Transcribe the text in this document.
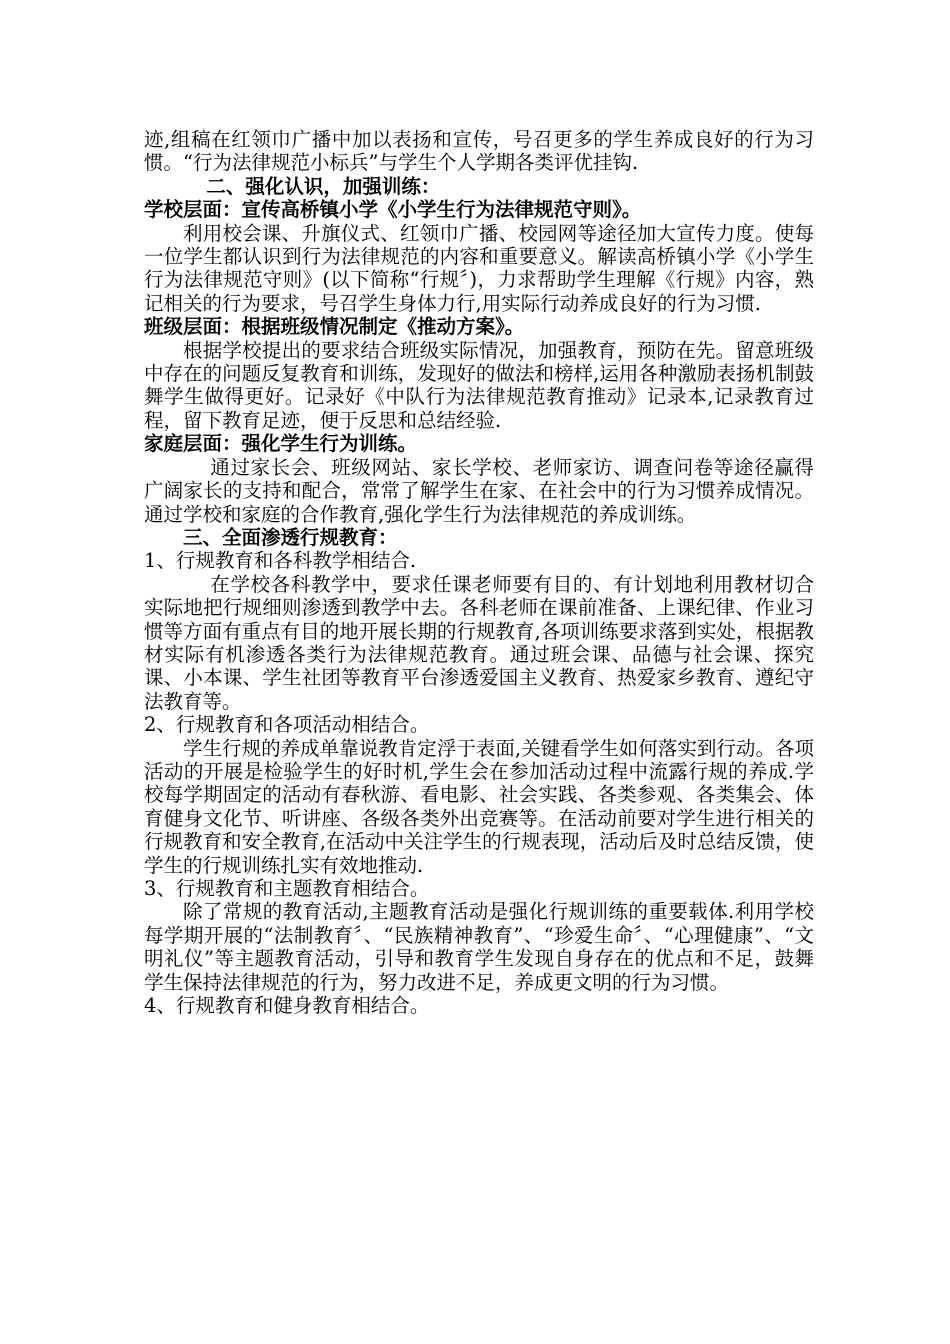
迹,组稿在红领巾广播中加以表扬和宣传，号召更多的学生养成良好的行为习惯。“行为法律规范小标兵”与学生个人学期各类评优挂钩.

二、强化认识，加强训练：

学校层面：宣传高桥镇小学《小学生行为法律规范守则》。

利用校会课、升旗仪式、红领巾广播、校园网等途径加大宣传力度。使每一位学生都认识到行为法律规范的内容和重要意义。解读高桥镇小学《小学生行为法律规范守则》(以下简称“行规〞)，力求帮助学生理解《行规》内容，熟记相关的行为要求，号召学生身体力行,用实际行动养成良好的行为习惯.

班级层面：根据班级情况制定《推动方案》。

根据学校提出的要求结合班级实际情况，加强教育，预防在先。留意班级中存在的问题反复教育和训练，发现好的做法和榜样,运用各种激励表扬机制鼓舞学生做得更好。记录好《中队行为法律规范教育推动》记录本,记录教育过程，留下教育足迹，便于反思和总结经验.

家庭层面：强化学生行为训练。

通过家长会、班级网站、家长学校、老师家访、调查问卷等途径赢得广阔家长的支持和配合，常常了解学生在家、在社会中的行为习惯养成情况。通过学校和家庭的合作教育,强化学生行为法律规范的养成训练。

三、全面渗透行规教育：

1、行规教育和各科教学相结合.

在学校各科教学中，要求任课老师要有目的、有计划地利用教材切合实际地把行规细则渗透到教学中去。各科老师在课前准备、上课纪律、作业习惯等方面有重点有目的地开展长期的行规教育,各项训练要求落到实处，根据教材实际有机渗透各类行为法律规范教育。通过班会课、品德与社会课、探究课、小本课、学生社团等教育平台渗透爱国主义教育、热爱家乡教育、遵纪守法教育等。

2、行规教育和各项活动相结合。

学生行规的养成单靠说教肯定浮于表面,关键看学生如何落实到行动。各项活动的开展是检验学生的好时机,学生会在参加活动过程中流露行规的养成.学校每学期固定的活动有春秋游、看电影、社会实践、各类参观、各类集会、体育健身文化节、听讲座、各级各类外出竞赛等。在活动前要对学生进行相关的行规教育和安全教育,在活动中关注学生的行规表现，活动后及时总结反馈，使学生的行规训练扎实有效地推动.

3、行规教育和主题教育相结合。

除了常规的教育活动,主题教育活动是强化行规训练的重要载体.利用学校每学期开展的“法制教育〞、“民族精神教育”、“珍爱生命〞、“心理健康”、“文明礼仪”等主题教育活动，引导和教育学生发现自身存在的优点和不足，鼓舞学生保持法律规范的行为，努力改进不足，养成更文明的行为习惯。

4、行规教育和健身教育相结合。
